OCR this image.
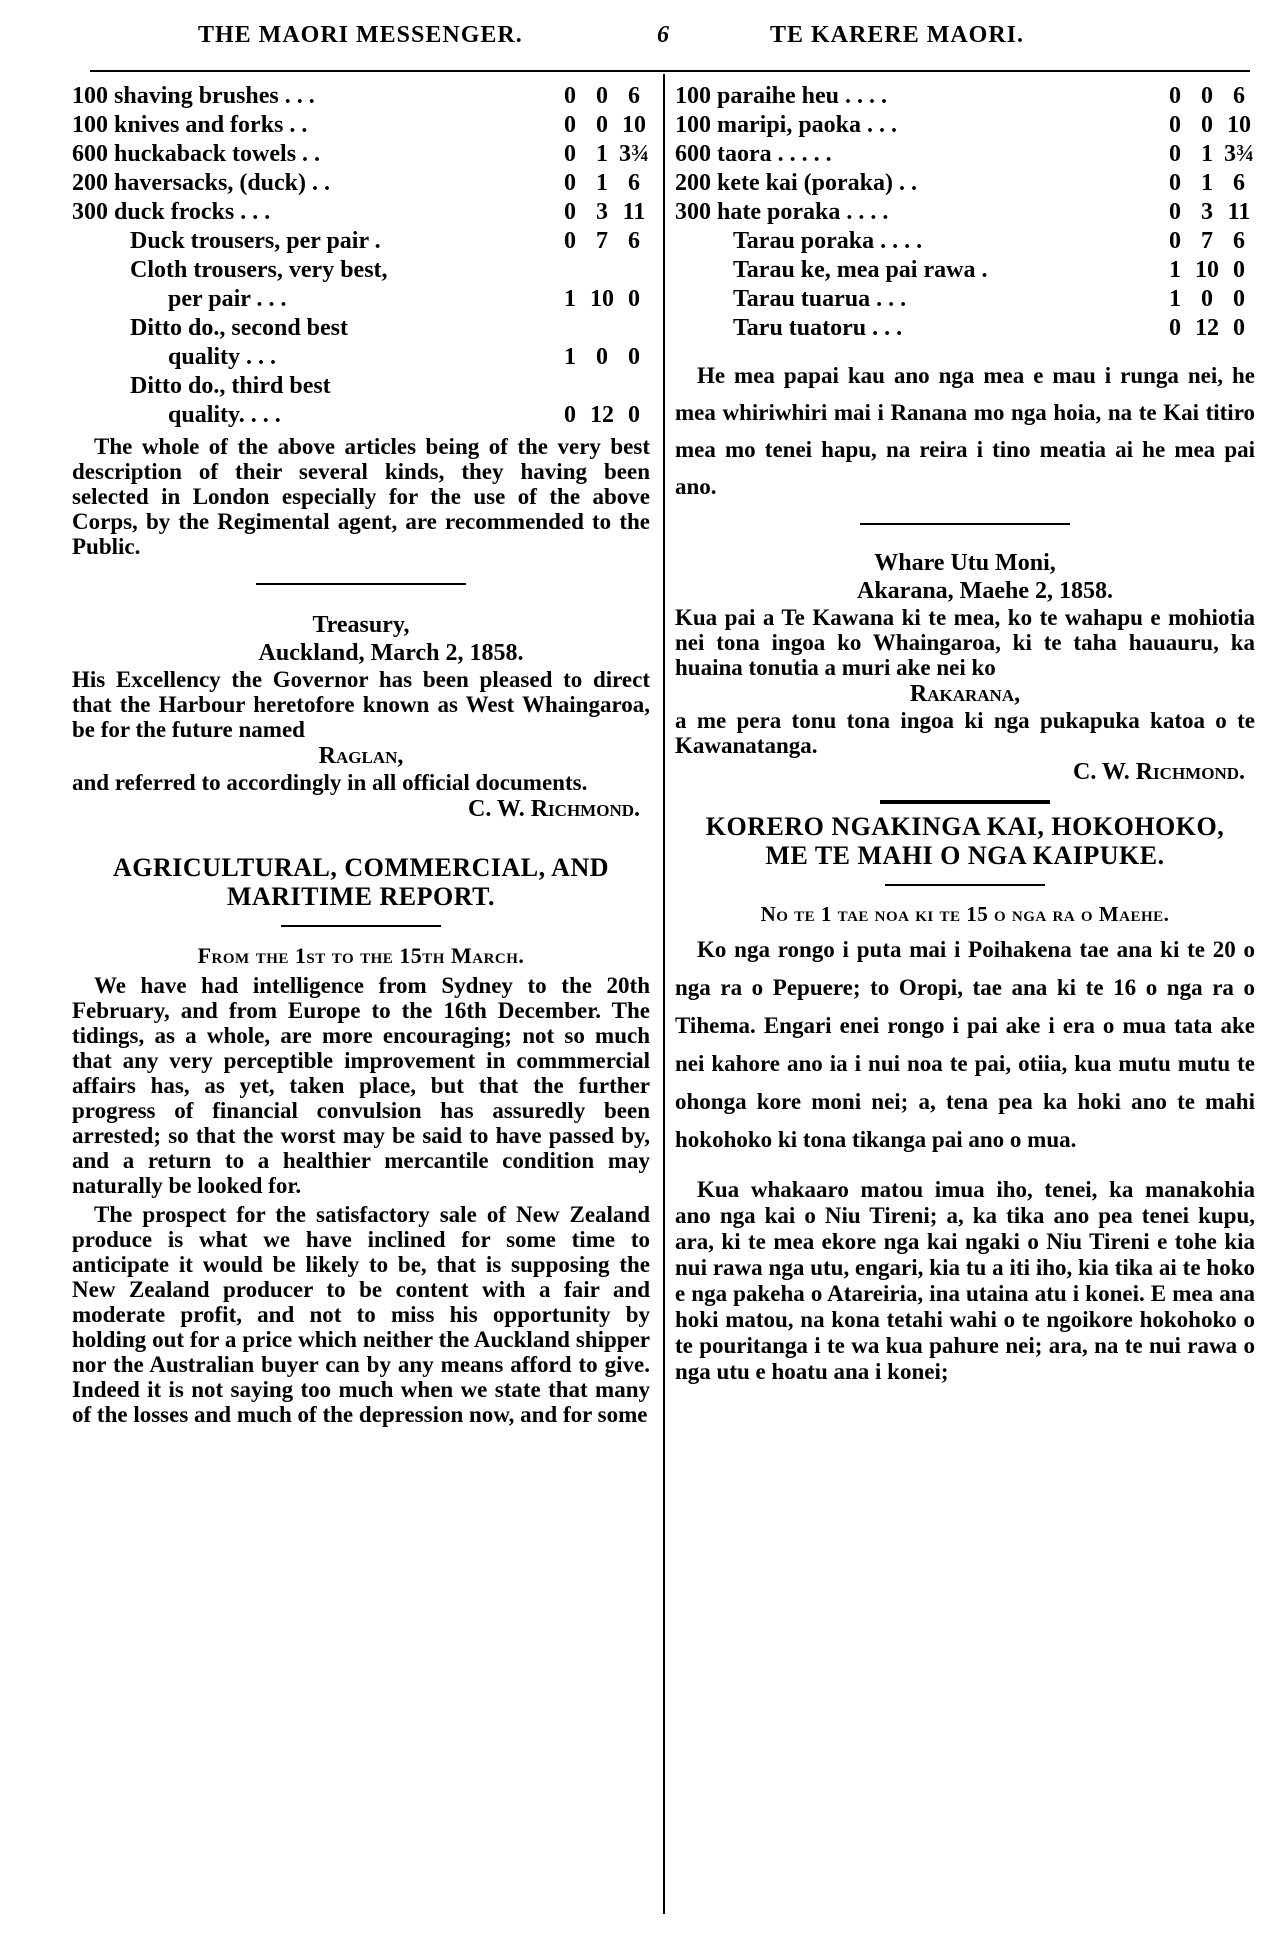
THE MAORI MESSENGER.	6	TE KARERE MAORI.
100 shaving brushes . . .	0 0 6
100 knives and forks . .	0 0 10
600 huckaback towels . .	0 1 3¾
200 haversacks, (duck) . .	0 1 6
300 duck frocks . . .	0 3 11
Duck trousers, per pair .	0 7 6
Cloth trousers, very best,
per pair . . .	1 10 0
Ditto do., second best
quality . . .	1 0 0
Ditto do., third best
quality. . . .	0 12 0

The whole of the above articles being of the very best description of their several kinds, they having been selected in London especially for the use of the above Corps, by the Regimental agent, are recommended to the Public.

Treasury,
Auckland, March 2, 1858.

His Excellency the Governor has been pleased to direct that the Harbour heretofore known as West Whaingaroa, be for the future named

Raglan,

and referred to accordingly in all official documents.

C. W. Richmond.
AGRICULTURAL, COMMERCIAL, AND
MARITIME REPORT.
From the 1st to the 15th March.

We have had intelligence from Sydney to the 20th February, and from Europe to the 16th December. The tidings, as a whole, are more encouraging; not so much that any very perceptible improvement in commmercial affairs has, as yet, taken place, but that the further progress of financial convulsion has assuredly been arrested; so that the worst may be said to have passed by, and a return to a healthier mercantile condition may naturally be looked for.

The prospect for the satisfactory sale of New Zealand produce is what we have inclined for some time to anticipate it would be likely to be, that is supposing the New Zealand producer to be content with a fair and moderate profit, and not to miss his opportunity by holding out for a price which neither the Auckland shipper nor the Australian buyer can by any means afford to give. Indeed it is not saying too much when we state that many of the losses and much of the depression now, and for some

100 paraihe heu . . . .	0 0 6
100 maripi, paoka . . .	0 0 10
600 taora . . . . .	0 1 3¾
200 kete kai (poraka) . .	0 1 6
300 hate poraka . . . .	0 3 11
Tarau poraka . . . .	0 7 6
Tarau ke, mea pai rawa .	1 10 0
Tarau tuarua . . .	1 0 0
Taru tuatoru . . .	0 12 0

He mea papai kau ano nga mea e mau i runga nei, he mea whiriwhiri mai i Ranana mo nga hoia, na te Kai titiro mea mo tenei hapu, na reira i tino meatia ai he mea pai ano.

Whare Utu Moni,
Akarana, Maehe 2, 1858.

Kua pai a Te Kawana ki te mea, ko te wahapu e mohiotia nei tona ingoa ko Whaingaroa, ki te taha hauauru, ka huaina tonutia a muri ake nei ko

Rakarana,

a me pera tonu tona ingoa ki nga pukapuka katoa o te Kawanatanga.

C. W. Richmond.
KORERO NGAKINGA KAI, HOKOHOKO,
ME TE MAHI O NGA KAIPUKE.
No te 1 tae noa ki te 15 o nga ra o Maehe.

Ko nga rongo i puta mai i Poihakena tae ana ki te 20 o nga ra o Pepuere; to Oropi, tae ana ki te 16 o nga ra o Tihema. Engari enei rongo i pai ake i era o mua tata ake nei kahore ano ia i nui noa te pai, otiia, kua mutu mutu te ohonga kore moni nei; a, tena pea ka hoki ano te mahi hokohoko ki tona tikanga pai ano o mua.

Kua whakaaro matou imua iho, tenei, ka manakohia ano nga kai o Niu Tireni; a, ka tika ano pea tenei kupu, ara, ki te mea ekore nga kai ngaki o Niu Tireni e tohe kia nui rawa nga utu, engari, kia tu a iti iho, kia tika ai te hoko e nga pakeha o Atareiria, ina utaina atu i konei. E mea ana hoki matou, na kona tetahi wahi o te ngoikore hokohoko o te pouritanga i te wa kua pahure nei; ara, na te nui rawa o nga utu e hoatu ana i konei;
